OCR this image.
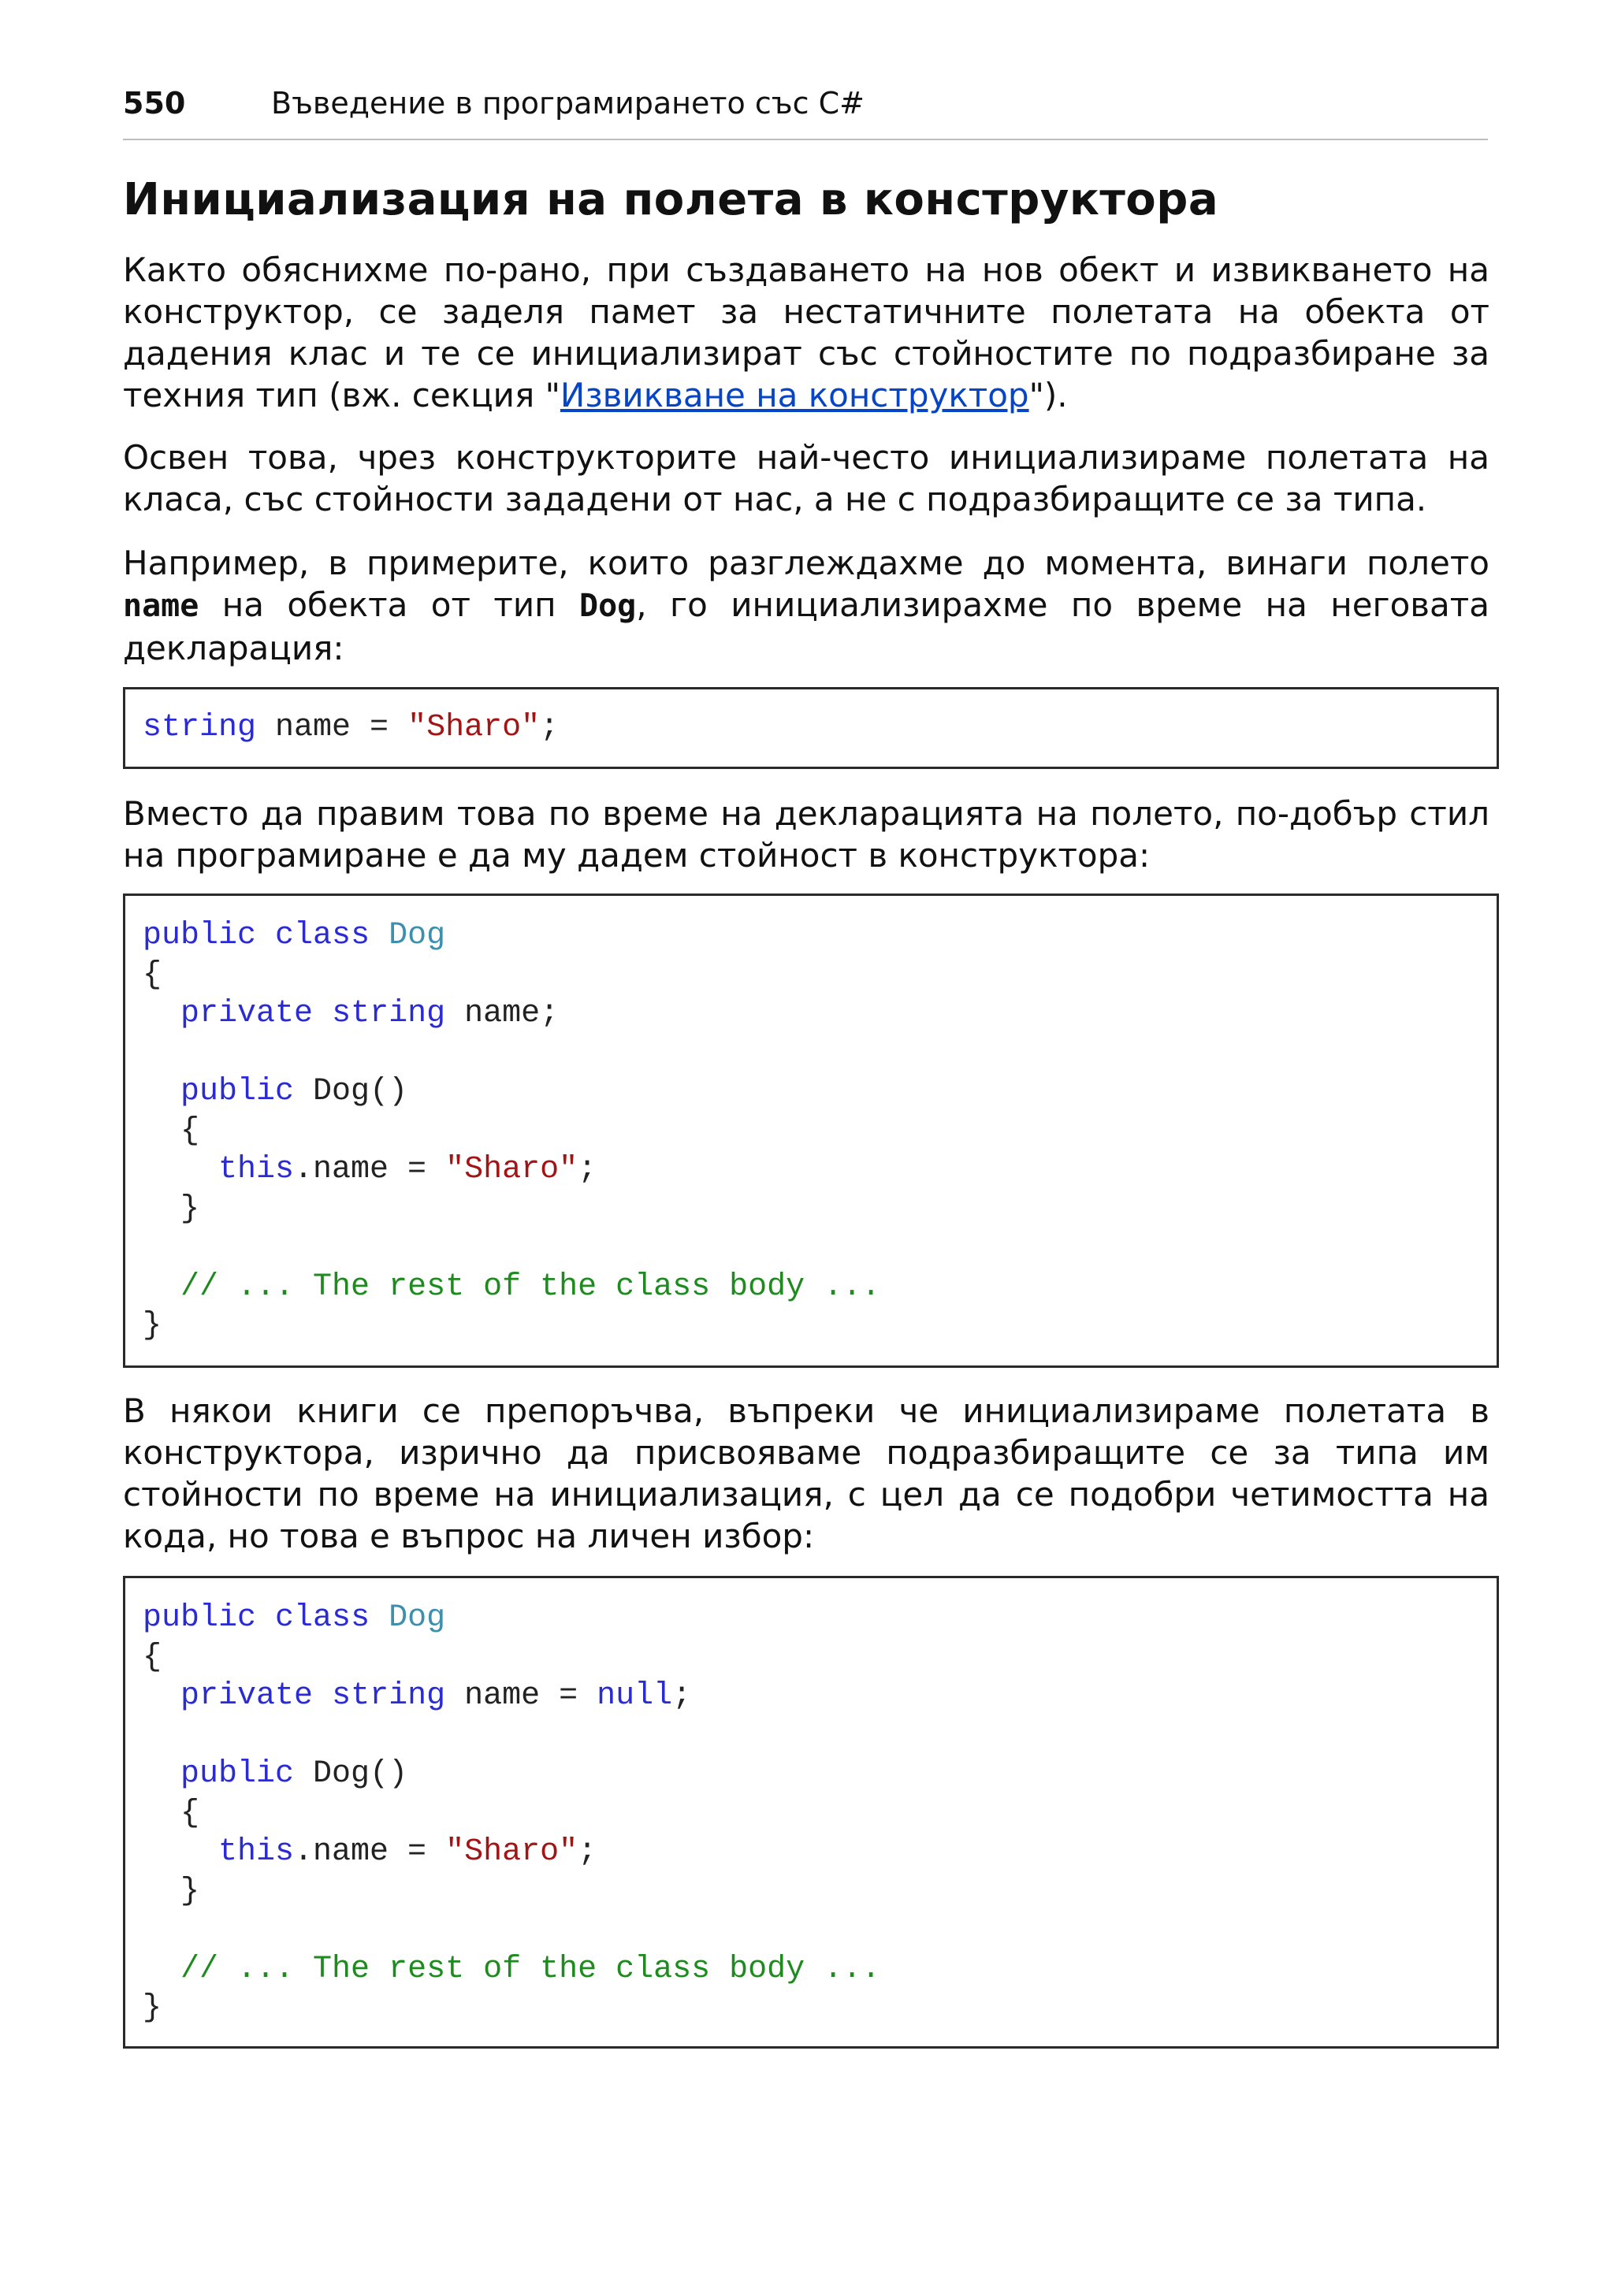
550	Въведение в програмирането със C#
Инициализация на полета в конструктора

Както обяснихме по-рано, при създаването на нов обект и извикването на конструктор, се заделя памет за нестатичните полетата на обекта от дадения клас и те се инициализират със стойностите по подразбиране за техния тип (вж. секция "Извикване на конструктор").

Освен това, чрез конструкторите най-често инициализираме полетата на класа, със стойности зададени от нас, а не с подразбиращите се за типа.

Например, в примерите, които разглеждахме до момента, винаги полето name на обекта от тип Dog, го инициализирахме по време на неговата декларация:

string name = "Sharo";

Вместо да правим това по време на декларацията на полето, по-добър стил на програмиране е да му дадем стойност в конструктора:

public class Dog
{
private string name;

public Dog()
{
this.name = "Sharo";
}

// ... The rest of the class body ...
}

В някои книги се препоръчва, въпреки че инициализираме полетата в конструктора, изрично да присвояваме подразбиращите се за типа им стойности по време на инициализация, с цел да се подобри четимостта на кода, но това е въпрос на личен избор:

public class Dog
{
private string name = null;

public Dog()
{
this.name = "Sharo";
}

// ... The rest of the class body ...
}
